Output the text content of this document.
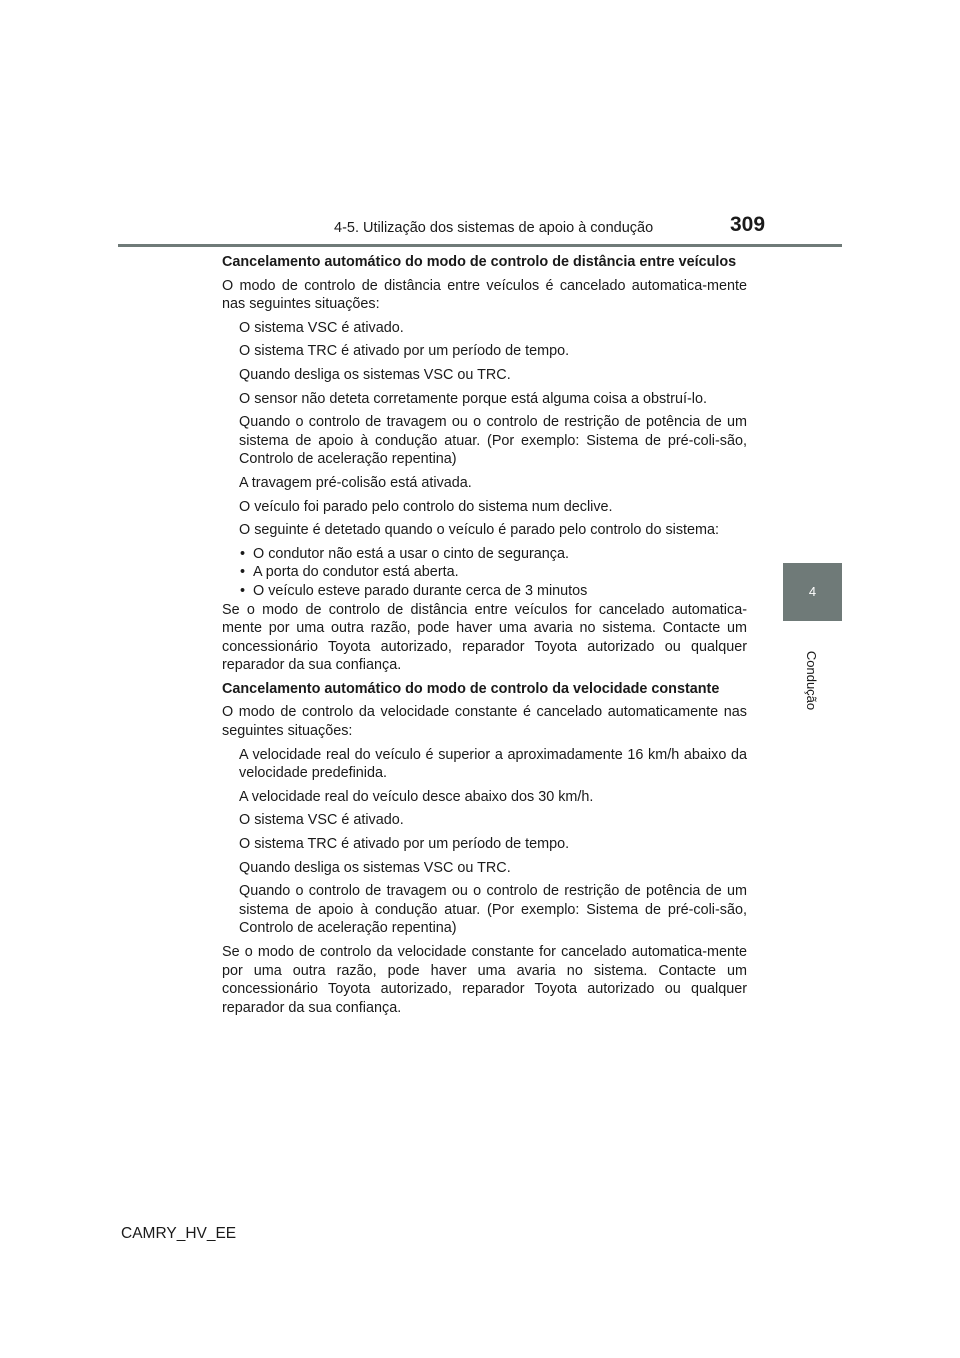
4-5. Utilização dos sistemas de apoio à condução	309
4
Condução

Cancelamento automático do modo de controlo de distância entre veículos

O modo de controlo de distância entre veículos é cancelado automatica-mente nas seguintes situações:

O sistema VSC é ativado.

O sistema TRC é ativado por um período de tempo.

Quando desliga os sistemas VSC ou TRC.

O sensor não deteta corretamente porque está alguma coisa a obstruí-lo.

Quando o controlo de travagem ou o controlo de restrição de potência de um sistema de apoio à condução atuar. (Por exemplo: Sistema de pré-coli-são, Controlo de aceleração repentina)

A travagem pré-colisão está ativada.

O veículo foi parado pelo controlo do sistema num declive.

O seguinte é detetado quando o veículo é parado pelo controlo do sistema:

• O condutor não está a usar o cinto de segurança.
• A porta do condutor está aberta.
• O veículo esteve parado durante cerca de 3 minutos

Se o modo de controlo de distância entre veículos for cancelado automatica-mente por uma outra razão, pode haver uma avaria no sistema. Contacte um concessionário Toyota autorizado, reparador Toyota autorizado ou qualquer reparador da sua confiança.

Cancelamento automático do modo de controlo da velocidade constante

O modo de controlo da velocidade constante é cancelado automaticamente nas seguintes situações:

A velocidade real do veículo é superior a aproximadamente 16 km/h abaixo da velocidade predefinida.

A velocidade real do veículo desce abaixo dos 30 km/h.

O sistema VSC é ativado.

O sistema TRC é ativado por um período de tempo.

Quando desliga os sistemas VSC ou TRC.

Quando o controlo de travagem ou o controlo de restrição de potência de um sistema de apoio à condução atuar. (Por exemplo: Sistema de pré-coli-são, Controlo de aceleração repentina)

Se o modo de controlo da velocidade constante for cancelado automatica-mente por uma outra razão, pode haver uma avaria no sistema. Contacte um concessionário Toyota autorizado, reparador Toyota autorizado ou qualquer reparador da sua confiança.

CAMRY_HV_EE
